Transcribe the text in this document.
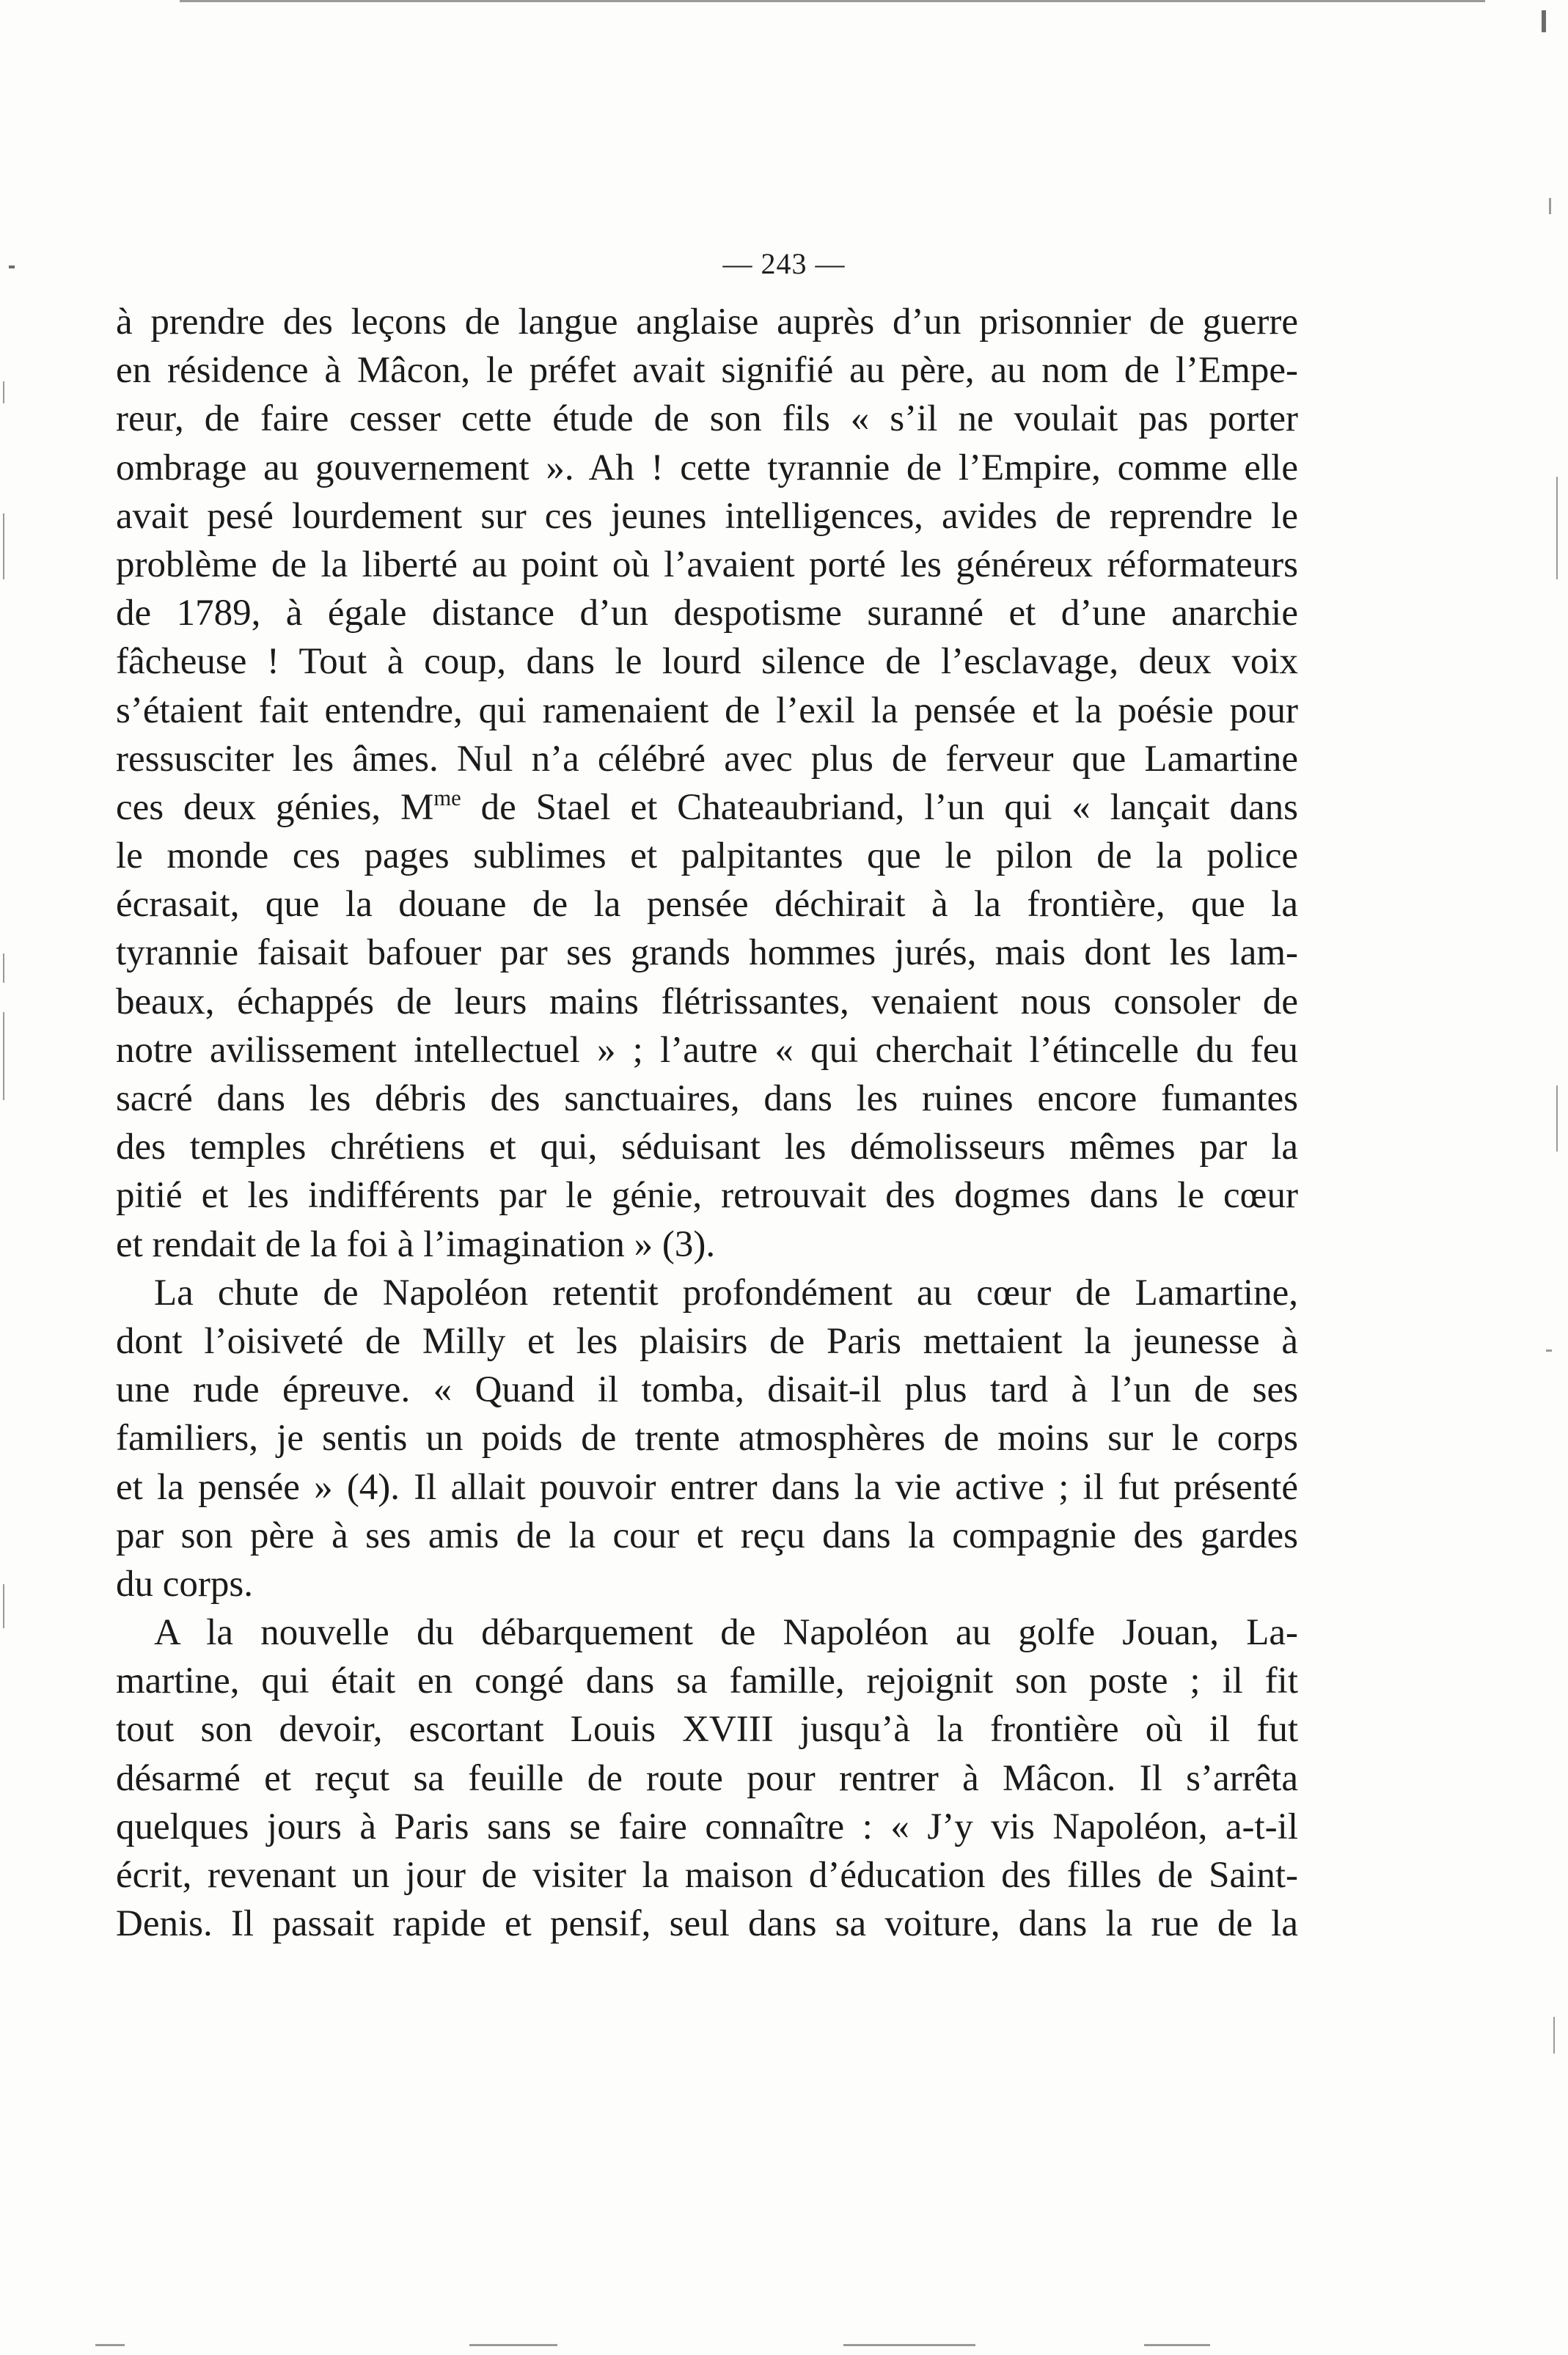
— 243 —
à prendre des leçons de langue anglaise auprès d’un prisonnier de guerre
en résidence à Mâcon, le préfet avait signifié au père, au nom de l’Empe-
reur, de faire cesser cette étude de son fils « s’il ne voulait pas porter
ombrage au gouvernement ». Ah ! cette tyrannie de l’Empire, comme elle
avait pesé lourdement sur ces jeunes intelligences, avides de reprendre le
problème de la liberté au point où l’avaient porté les généreux réformateurs
de 1789, à égale distance d’un despotisme suranné et d’une anarchie
fâcheuse ! Tout à coup, dans le lourd silence de l’esclavage, deux voix
s’étaient fait entendre, qui ramenaient de l’exil la pensée et la poésie pour
ressusciter les âmes. Nul n’a célébré avec plus de ferveur que Lamartine
ces deux génies, $M^{me}$ de Stael et Chateaubriand, l’un qui « lançait dans
le monde ces pages sublimes et palpitantes que le pilon de la police
écrasait, que la douane de la pensée déchirait à la frontière, que la
tyrannie faisait bafouer par ses grands hommes jurés, mais dont les lam-
beaux, échappés de leurs mains flétrissantes, venaient nous consoler de
notre avilissement intellectuel » ; l’autre « qui cherchait l’étincelle du feu
sacré dans les débris des sanctuaires, dans les ruines encore fumantes
des temples chrétiens et qui, séduisant les démolisseurs mêmes par la
pitié et les indifférents par le génie, retrouvait des dogmes dans le cœur
et rendait de la foi à l’imagination » (3).
La chute de Napoléon retentit profondément au cœur de Lamartine,
dont l’oisiveté de Milly et les plaisirs de Paris mettaient la jeunesse à
une rude épreuve. « Quand il tomba, disait-il plus tard à l’un de ses
familiers, je sentis un poids de trente atmosphères de moins sur le corps
et la pensée » (4). Il allait pouvoir entrer dans la vie active ; il fut présenté
par son père à ses amis de la cour et reçu dans la compagnie des gardes
du corps.
A la nouvelle du débarquement de Napoléon au golfe Jouan, La-
martine, qui était en congé dans sa famille, rejoignit son poste ; il fit
tout son devoir, escortant Louis XVIII jusqu’à la frontière où il fut
désarmé et reçut sa feuille de route pour rentrer à Mâcon. Il s’arrêta
quelques jours à Paris sans se faire connaître : « J’y vis Napoléon, a-t-il
écrit, revenant un jour de visiter la maison d’éducation des filles de Saint-
Denis. Il passait rapide et pensif, seul dans sa voiture, dans la rue de la
